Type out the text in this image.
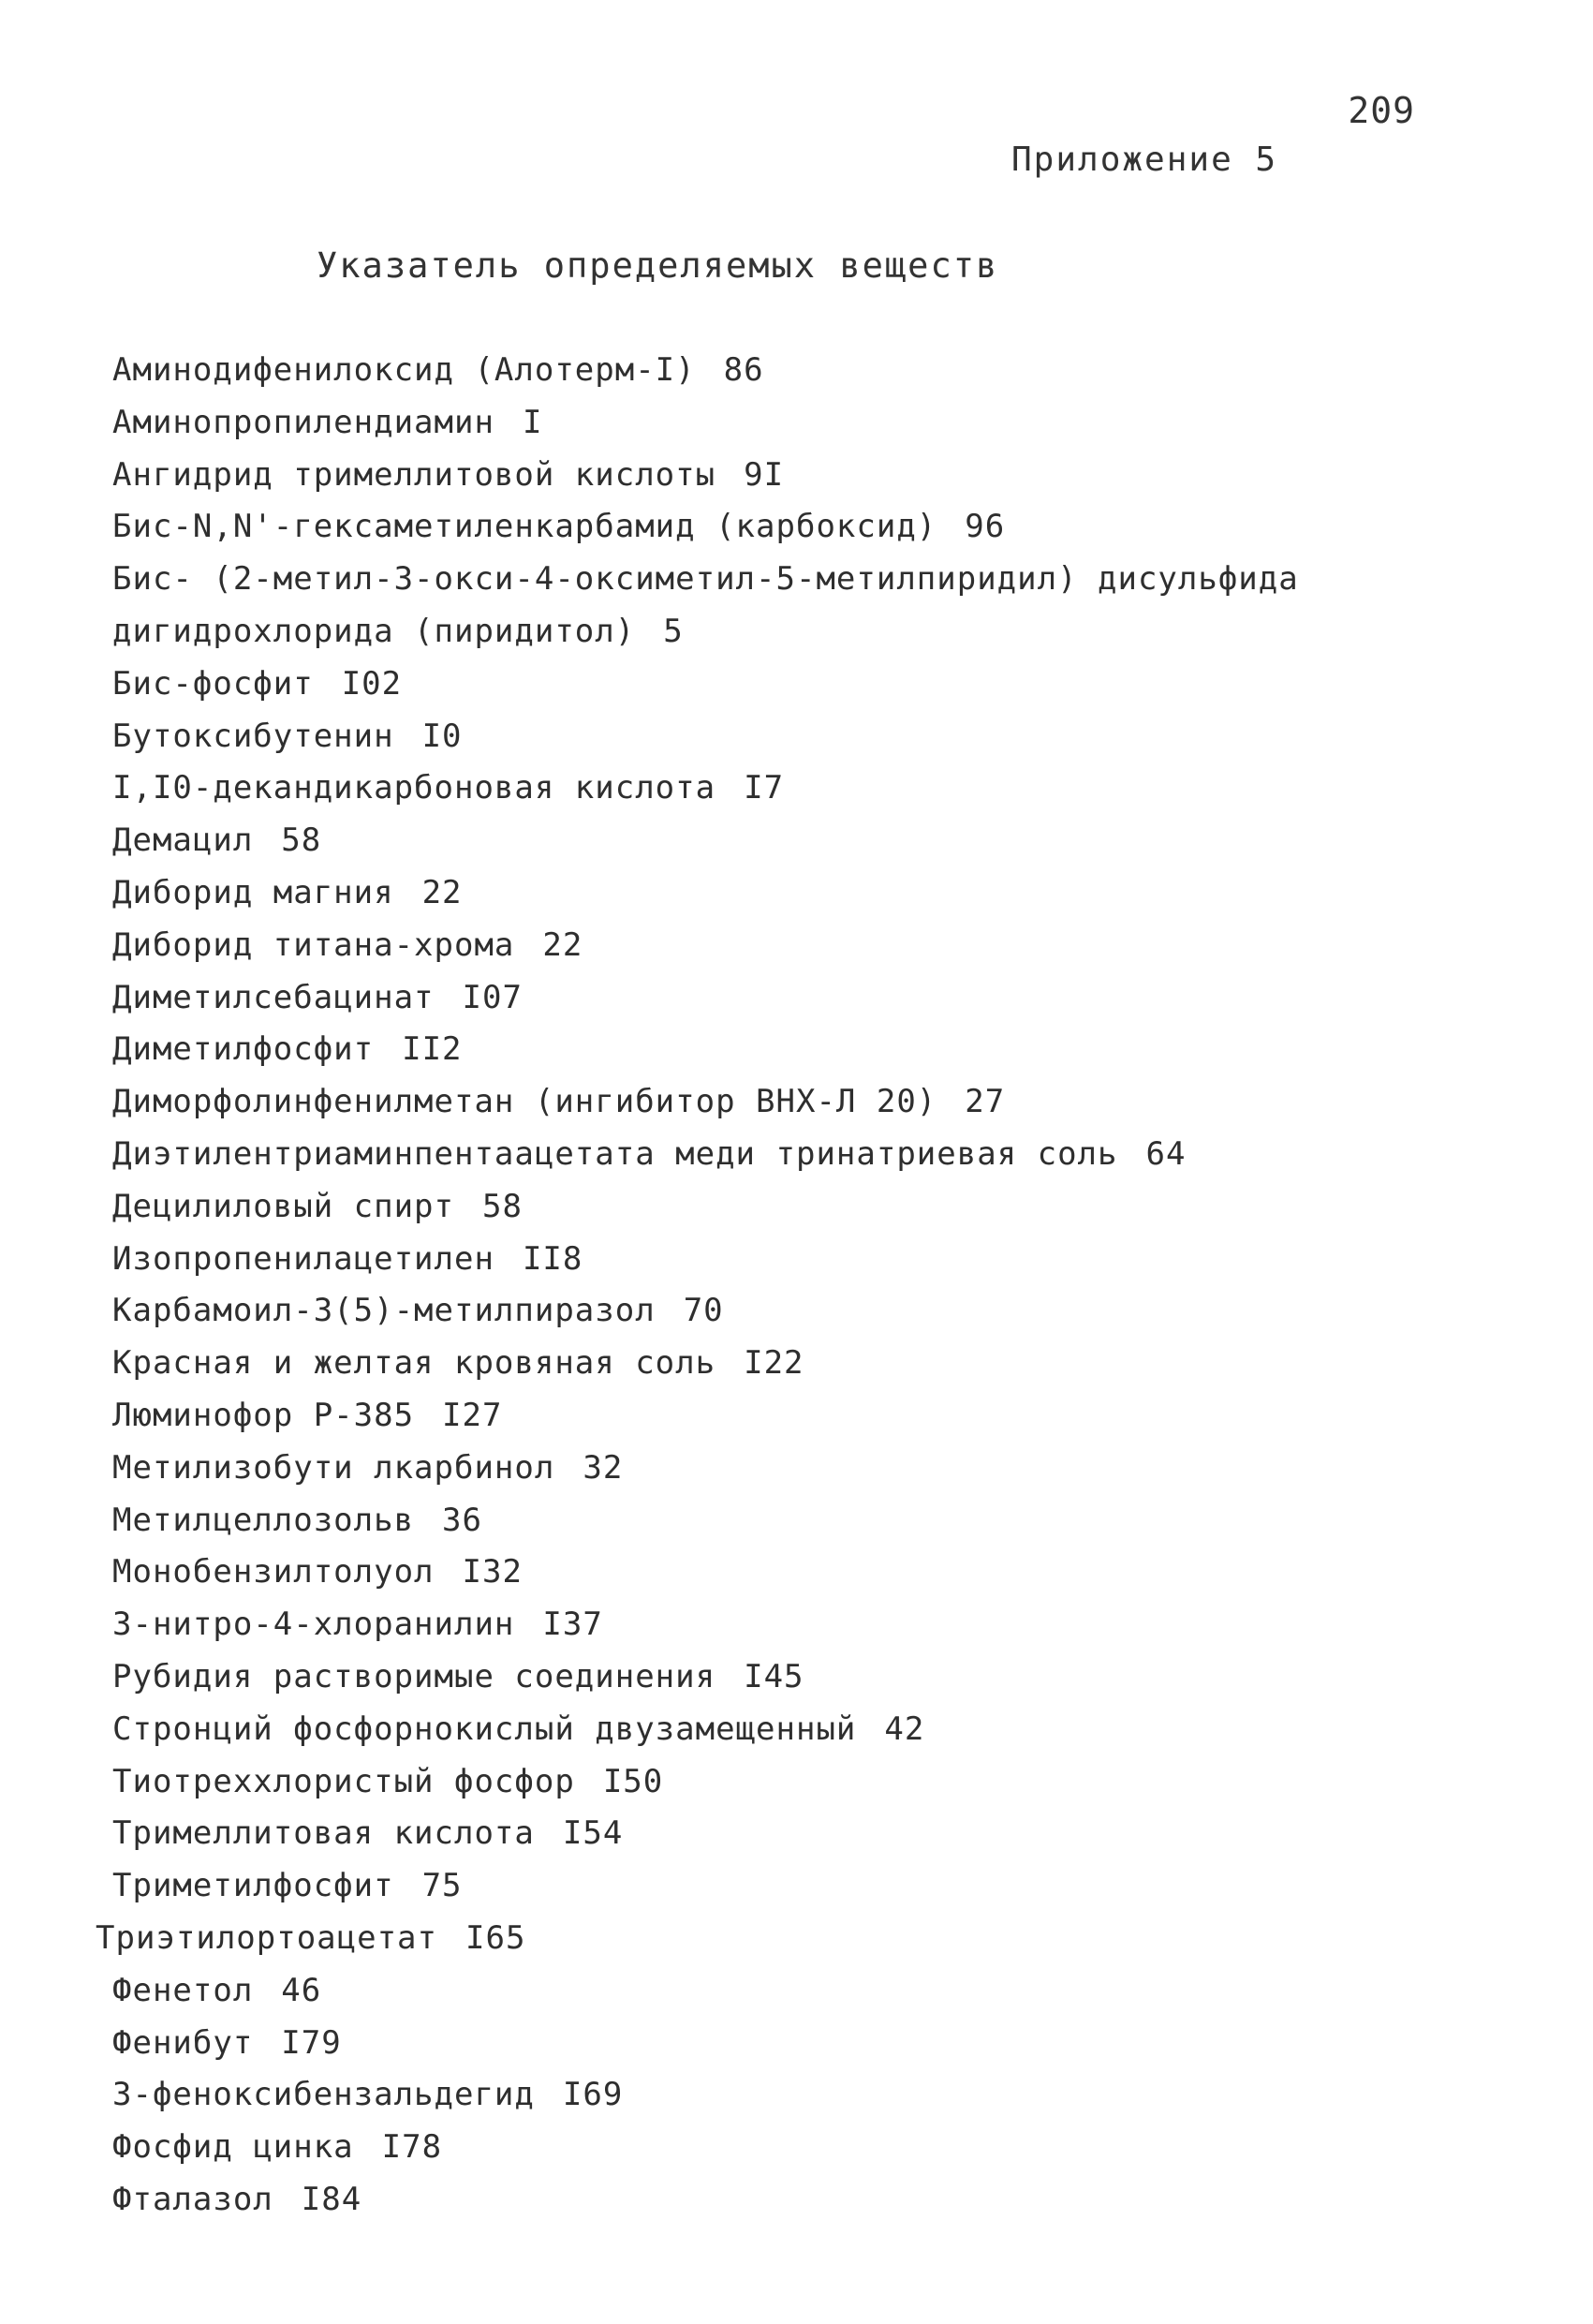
209
Приложение 5
Указатель определяемых веществ
Аминодифенилоксид (Алотерм-I) 86
Аминопропилендиамин I
Ангидрид тримеллитовой кислоты 9I
Бис-N,N'-гексаметиленкарбамид (карбоксид) 96
Бис- (2-метил-3-окси-4-оксиметил-5-метилпиридил) дисульфида
дигидрохлорида (пиридитол) 5
Бис-фосфит I02
Бутоксибутенин I0
I,I0-декандикарбоновая кислота I7
Демацил 58
Диборид магния 22
Диборид титана-хрома 22
Диметилсебацинат I07
Диметилфосфит II2
Диморфолинфенилметан (ингибитор ВНХ-Л 20) 27
Диэтилентриаминпентаацетата меди тринатриевая соль 64
Децилиловый спирт 58
Изопропенилацетилен II8
Карбамоил-3(5)-метилпиразол 70
Красная и желтая кровяная соль I22
Люминофор Р-385 I27
Метилизобути лкарбинол 32
Метилцеллозольв 36
Монобензилтолуол I32
3-нитро-4-хлоранилин I37
Рубидия растворимые соединения I45
Стронций фосфорнокислый двузамещенный 42
Тиотреххлористый фосфор I50
Тримеллитовая кислота I54
Триметилфосфит 75
Триэтилортоацетат I65
Фенетол 46
Фенибут I79
3-феноксибензальдегид I69
Фосфид цинка I78
Фталазол I84
